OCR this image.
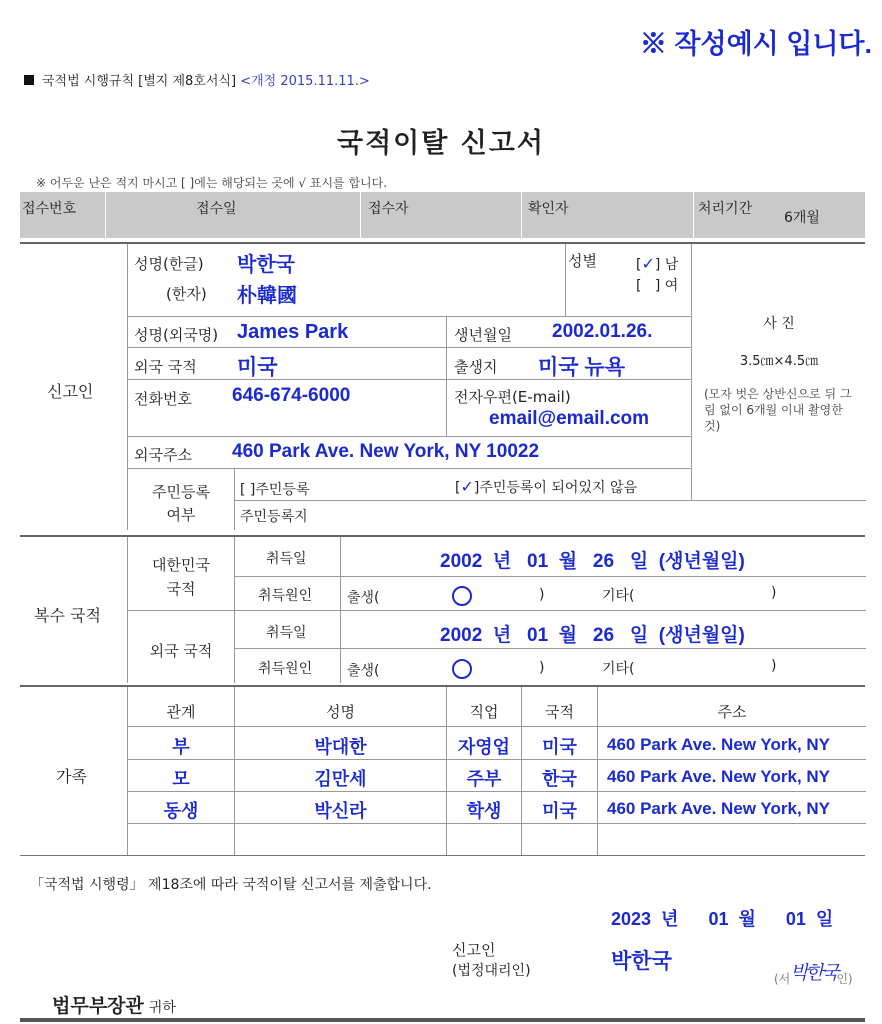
※ 작성예시 입니다.
국적법 시행규칙 [별지 제8호서식] <개정 2015.11.11.>
국적이탈 신고서
※ 어두운 난은 적지 마시고 [ ]에는 해당되는 곳에 √ 표시를 합니다.
접수번호	접수일	접수자	확인자	처리기간
6개월
신고인
성명(한글) 박한국
(한자) 朴韓國
성별	[✓] 남
[   ] 여
사 진
3.5㎝×4.5㎝
(모자 벗은 상반신으로 뒤 그림 없이 6개월 이내 촬영한 것)
성명(외국명) James Park	생년월일 2002.01.26.
외국 국적 미국	출생지 미국 뉴욕
전화번호 646-674-6000	전자우편(E-mail)
email@email.com
외국주소 460 Park Ave. New York, NY 10022
주민등록
여부
[ ]주민등록	[✓]주민등록이 되어있지 않음
주민등록지
복수 국적
대한민국
국적
취득일	2002  년   01  월   26   일  (생년월일)
취득원인 출생(	)	기타(	)
외국 국적
취득일	2002  년   01  월   26   일  (생년월일)
취득원인 출생(	)	기타(	)
가족
관계	성명	직업	국적	주소
부	박대한	자영업	미국	460 Park Ave. New York, NY
모	김만세	주부	한국	460 Park Ave. New York, NY
동생	박신라	학생	미국	460 Park Ave. New York, NY
「국적법 시행령」 제18조에 따라 국적이탈 신고서를 제출합니다.
2023  년      01  월      01  일
신고인
(법정대리인)	박한국
(서박한국인)
법무부장관 귀하
